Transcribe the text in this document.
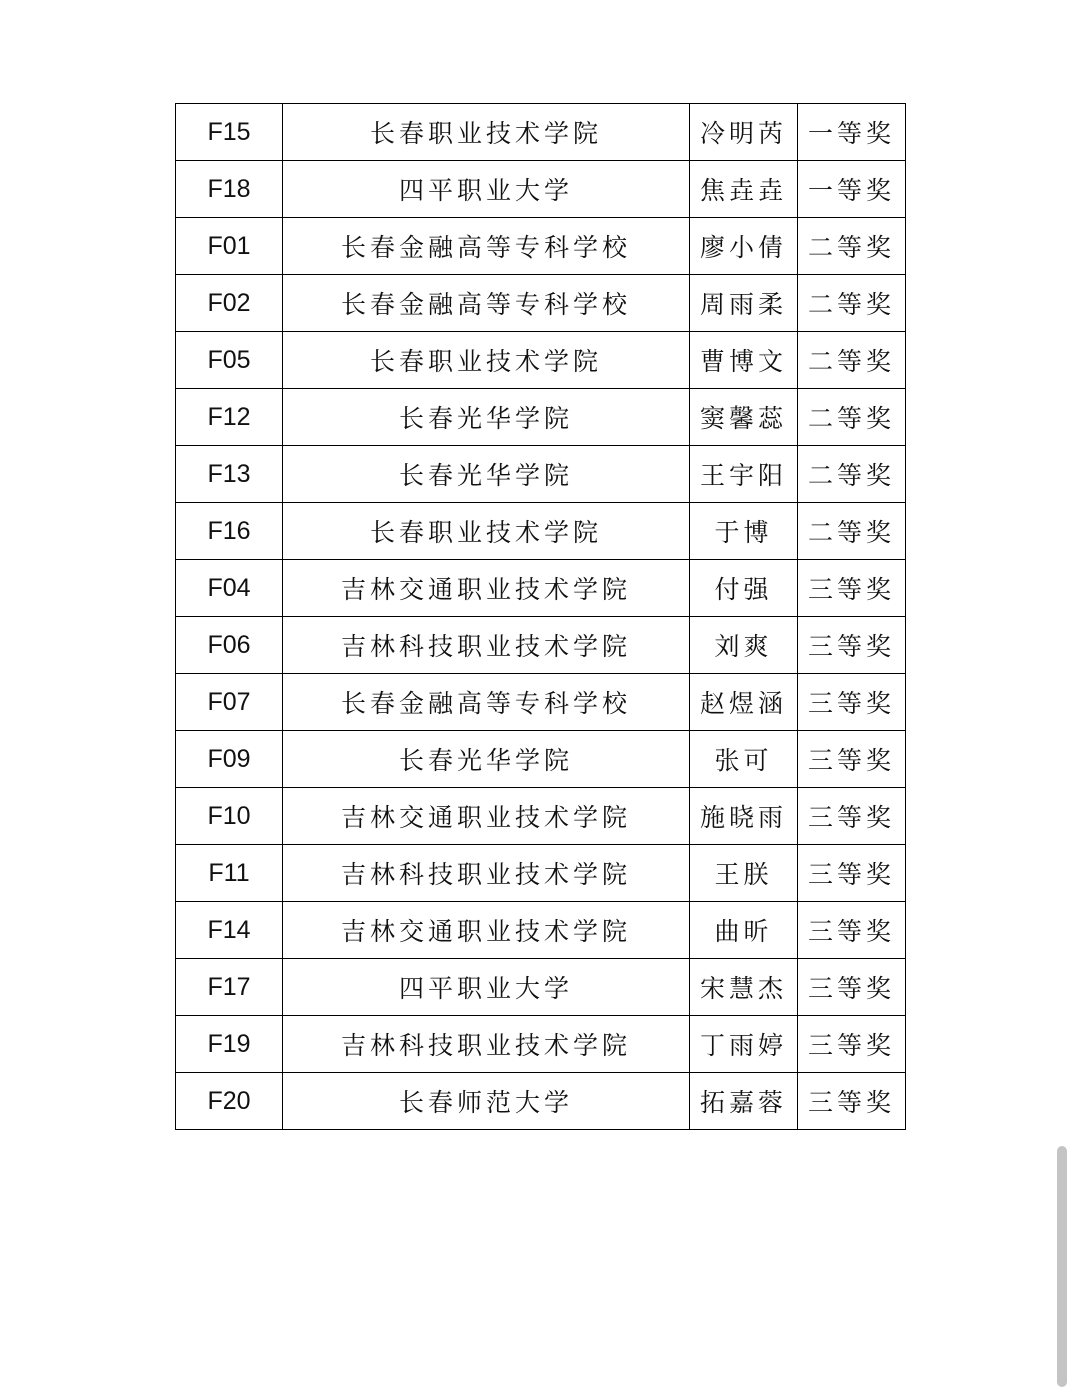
F15	长春职业技术学院	冷明芮	一等奖
F18	四平职业大学	焦垚垚	一等奖
F01	长春金融高等专科学校	廖小倩	二等奖
F02	长春金融高等专科学校	周雨柔	二等奖
F05	长春职业技术学院	曹博文	二等奖
F12	长春光华学院	窦馨蕊	二等奖
F13	长春光华学院	王宇阳	二等奖
F16	长春职业技术学院	于博	二等奖
F04	吉林交通职业技术学院	付强	三等奖
F06	吉林科技职业技术学院	刘爽	三等奖
F07	长春金融高等专科学校	赵煜涵	三等奖
F09	长春光华学院	张可	三等奖
F10	吉林交通职业技术学院	施晓雨	三等奖
F11	吉林科技职业技术学院	王朕	三等奖
F14	吉林交通职业技术学院	曲昕	三等奖
F17	四平职业大学	宋慧杰	三等奖
F19	吉林科技职业技术学院	丁雨婷	三等奖
F20	长春师范大学	拓嘉蓉	三等奖
